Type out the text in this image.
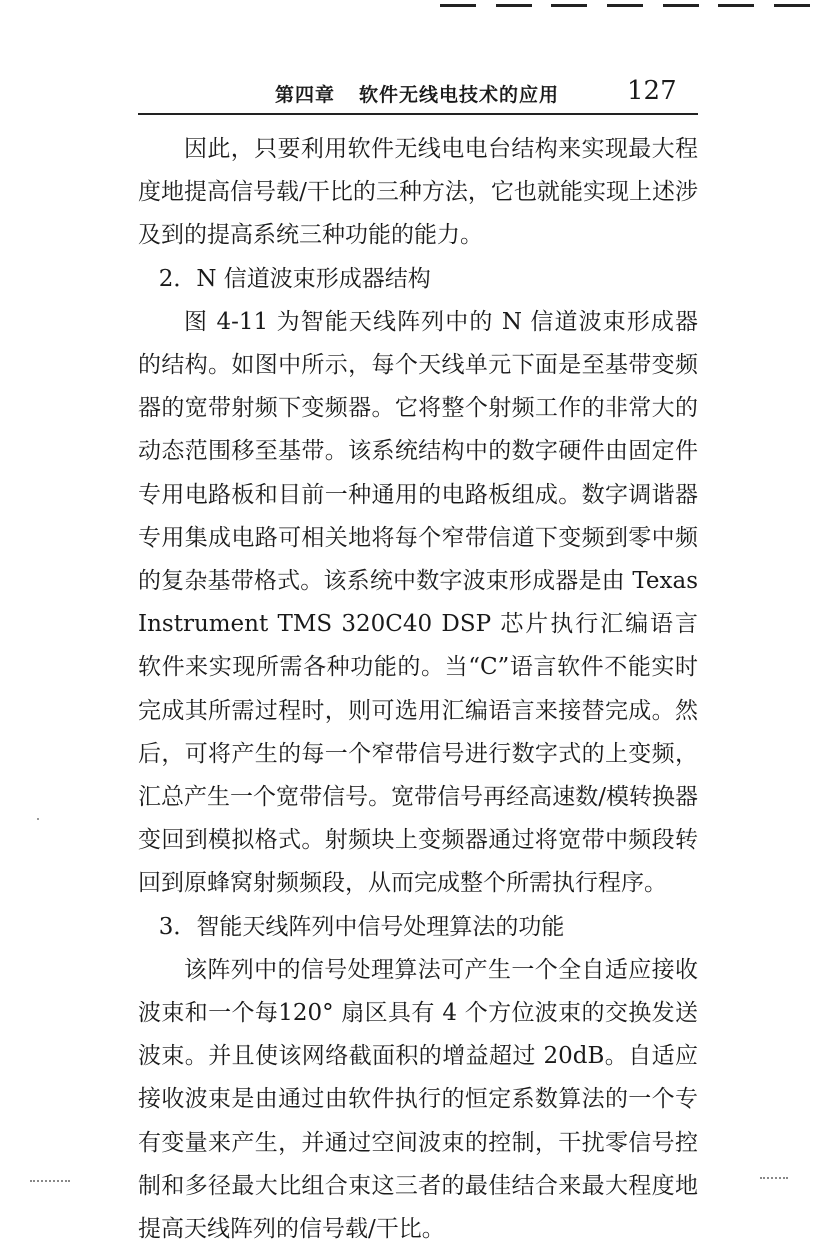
第四章 软件无线电技术的应用	127

因此，只要利用软件无线电电台结构来实现最大程度地提高信号载/干比的三种方法，它也就能实现上述涉及到的提高系统三种功能的能力。

2．N 信道波束形成器结构

图 4-11 为智能天线阵列中的 N 信道波束形成器的结构。如图中所示，每个天线单元下面是至基带变频器的宽带射频下变频器。它将整个射频工作的非常大的动态范围移至基带。该系统结构中的数字硬件由固定件专用电路板和目前一种通用的电路板组成。数字调谐器专用集成电路可相关地将每个窄带信道下变频到零中频的复杂基带格式。该系统中数字波束形成器是由 Texas Instrument TMS 320C40 DSP 芯片执行汇编语言软件来实现所需各种功能的。当“C”语言软件不能实时完成其所需过程时，则可选用汇编语言来接替完成。然后，可将产生的每一个窄带信号进行数字式的上变频，汇总产生一个宽带信号。宽带信号再经高速数/模转换器变回到模拟格式。射频块上变频器通过将宽带中频段转回到原蜂窝射频频段，从而完成整个所需执行程序。

3．智能天线阵列中信号处理算法的功能

该阵列中的信号处理算法可产生一个全自适应接收波束和一个每120° 扇区具有 4 个方位波束的交换发送波束。并且使该网络截面积的增益超过 20dB。自适应接收波束是由通过由软件执行的恒定系数算法的一个专有变量来产生，并通过空间波束的控制，干扰零信号控制和多径最大比组合束这三者的最佳结合来最大程度地提高天线阵列的信号载/干比。
